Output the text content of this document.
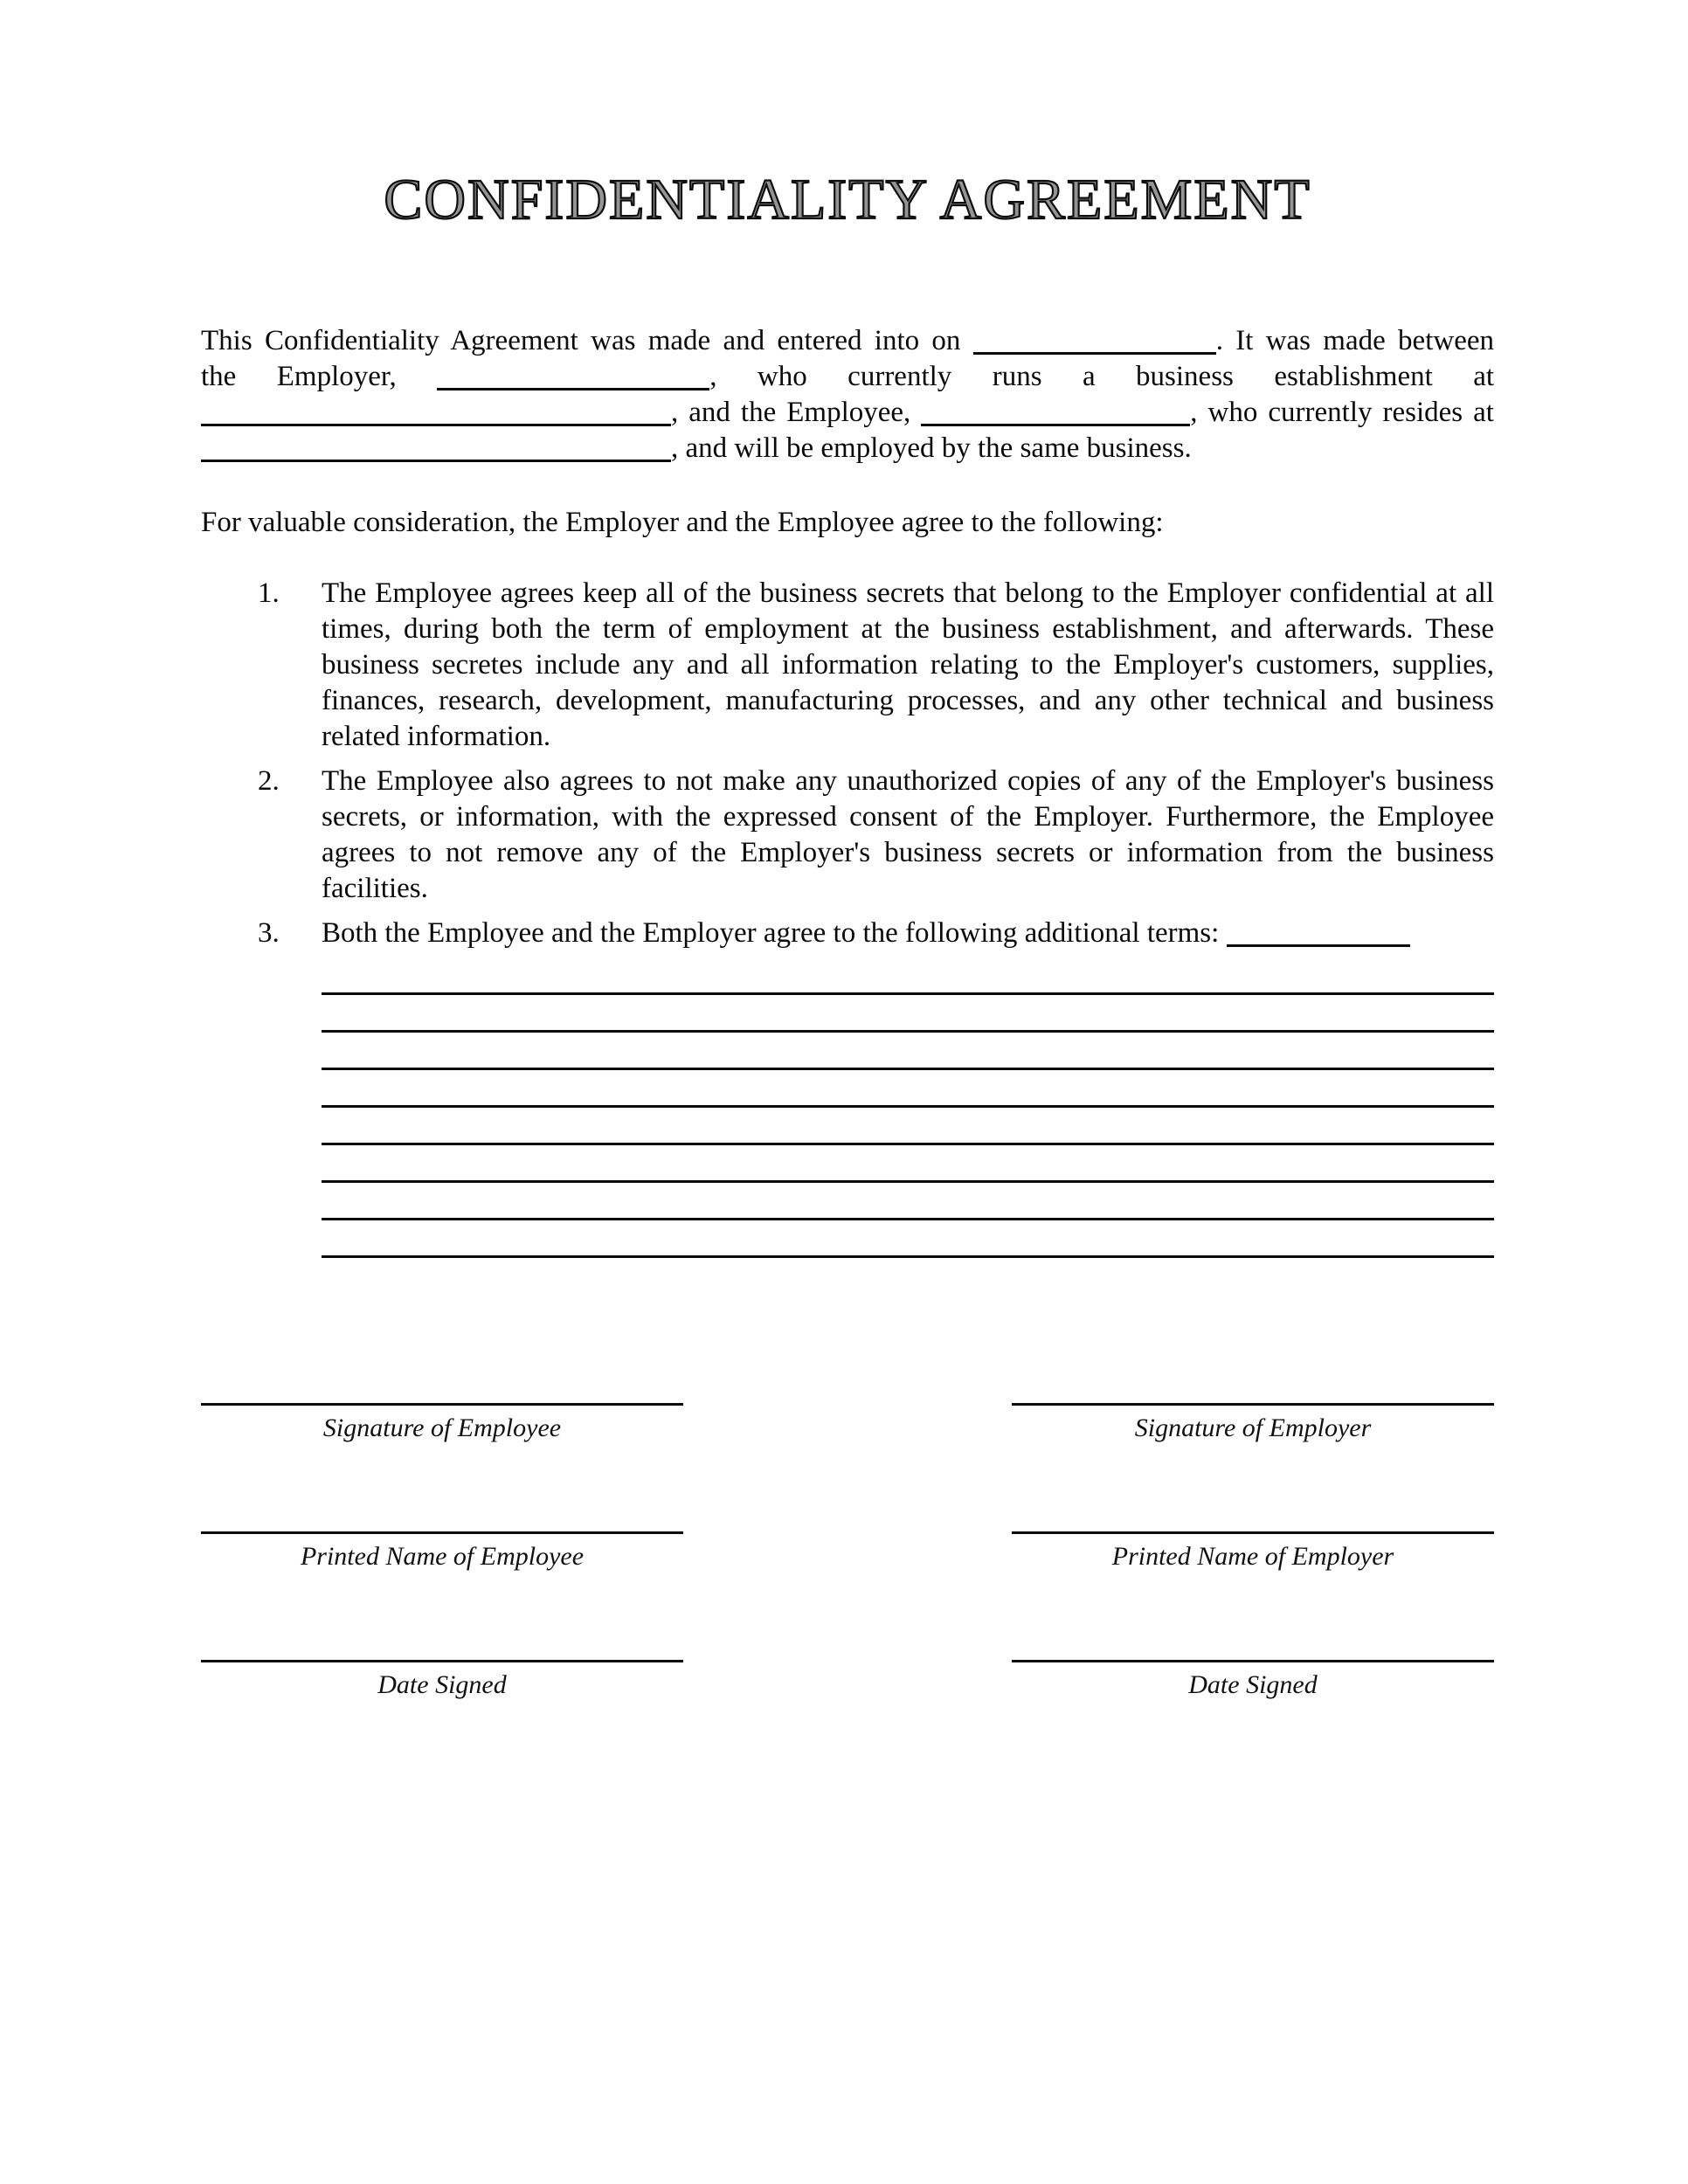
CONFIDENTIALITY AGREEMENT
This Confidentiality Agreement was made and entered into on	. It was made between
the Employer,	, who currently runs a business establishment at
, and the Employee,	, who currently resides at
, and will be employed by the same business.
For valuable consideration, the Employer and the Employee agree to the following:
1.	The Employee agrees keep all of the business secrets that belong to the Employer confidential at all times, during both the term of employment at the business establishment, and afterwards. These business secretes include any and all information relating to the Employer's customers, supplies, finances, research, development, manufacturing processes, and any other technical and business related information.
2.	The Employee also agrees to not make any unauthorized copies of any of the Employer's business secrets, or information, with the expressed consent of the Employer. Furthermore, the Employee agrees to not remove any of the Employer's business secrets or information from the business facilities.
3.	Both the Employee and the Employer agree to the following additional terms:
Signature of Employee	Signature of Employer
Printed Name of Employee	Printed Name of Employer
Date Signed	Date Signed
